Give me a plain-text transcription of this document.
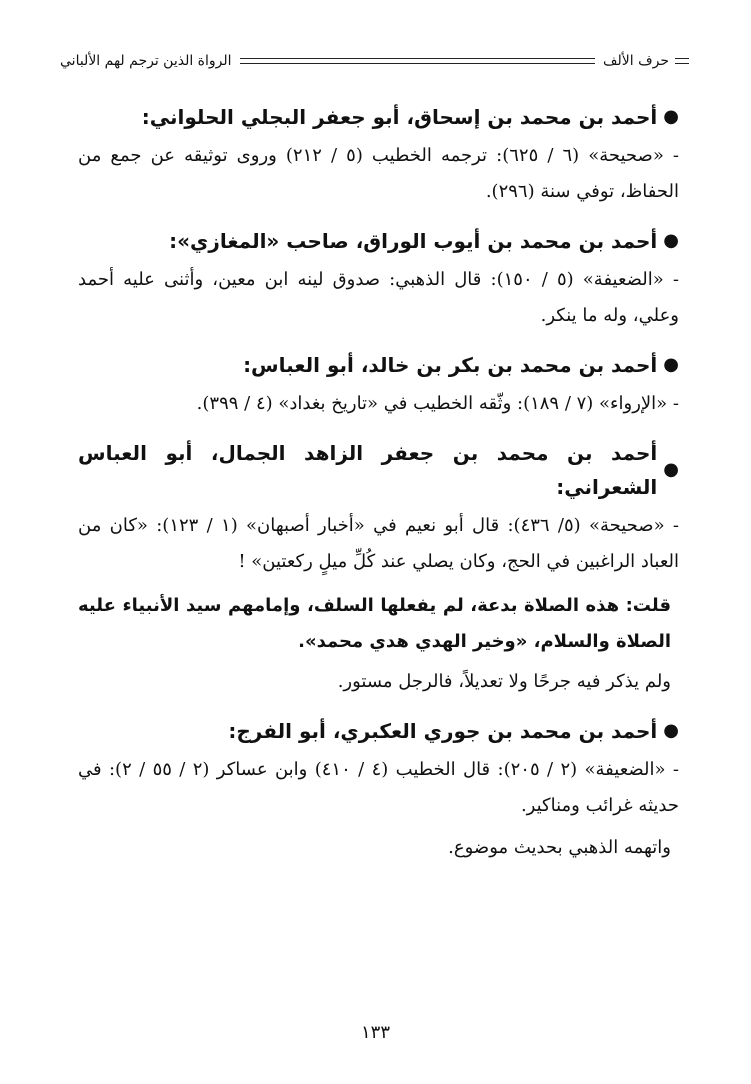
حرف الألف
الرواة الذين ترجم لهم الألباني
●
أحمد بن محمد بن إسحاق، أبو جعفر البجلي الحلواني:

- «صحيحة» (٦ / ٦٢٥): ترجمه الخطيب (٥ / ٢١٢) وروى توثيقه عن جمع من الحفاظ، توفي سنة (٢٩٦).

●
أحمد بن محمد بن أيوب الوراق، صاحب «المغازي»:

- «الضعيفة» (٥ / ١٥٠): قال الذهبي: صدوق لينه ابن معين، وأثنى عليه أحمد وعلي، وله ما ينكر.

●
أحمد بن محمد بن بكر بن خالد، أبو العباس:

- «الإرواء» (٧ / ١٨٩): وثّقه الخطيب في «تاريخ بغداد» (٤ / ٣٩٩).

●
أحمد بن محمد بن جعفر الزاهد الجمال، أبو العباس الشعراني:

- «صحيحة» (٥/ ٤٣٦): قال أبو نعيم في «أخبار أصبهان» (١ / ١٢٣): «كان من العباد الراغبين في الحج، وكان يصلي عند كُلِّ ميلٍ ركعتين» !

قلت: هذه الصلاة بدعة، لم يفعلها السلف، وإمامهم سيد الأنبياء عليه الصلاة والسلام، «وخير الهدي هدي محمد».

ولم يذكر فيه جرحًا ولا تعديلاً، فالرجل مستور.

●
أحمد بن محمد بن جوري العكبري، أبو الفرج:

- «الضعيفة» (٢ / ٢٠٥): قال الخطيب (٤ / ٤١٠) وابن عساكر (٢ / ٥٥ / ٢): في حديثه غرائب ومناكير.

واتهمه الذهبي بحديث موضوع.

١٣٣
